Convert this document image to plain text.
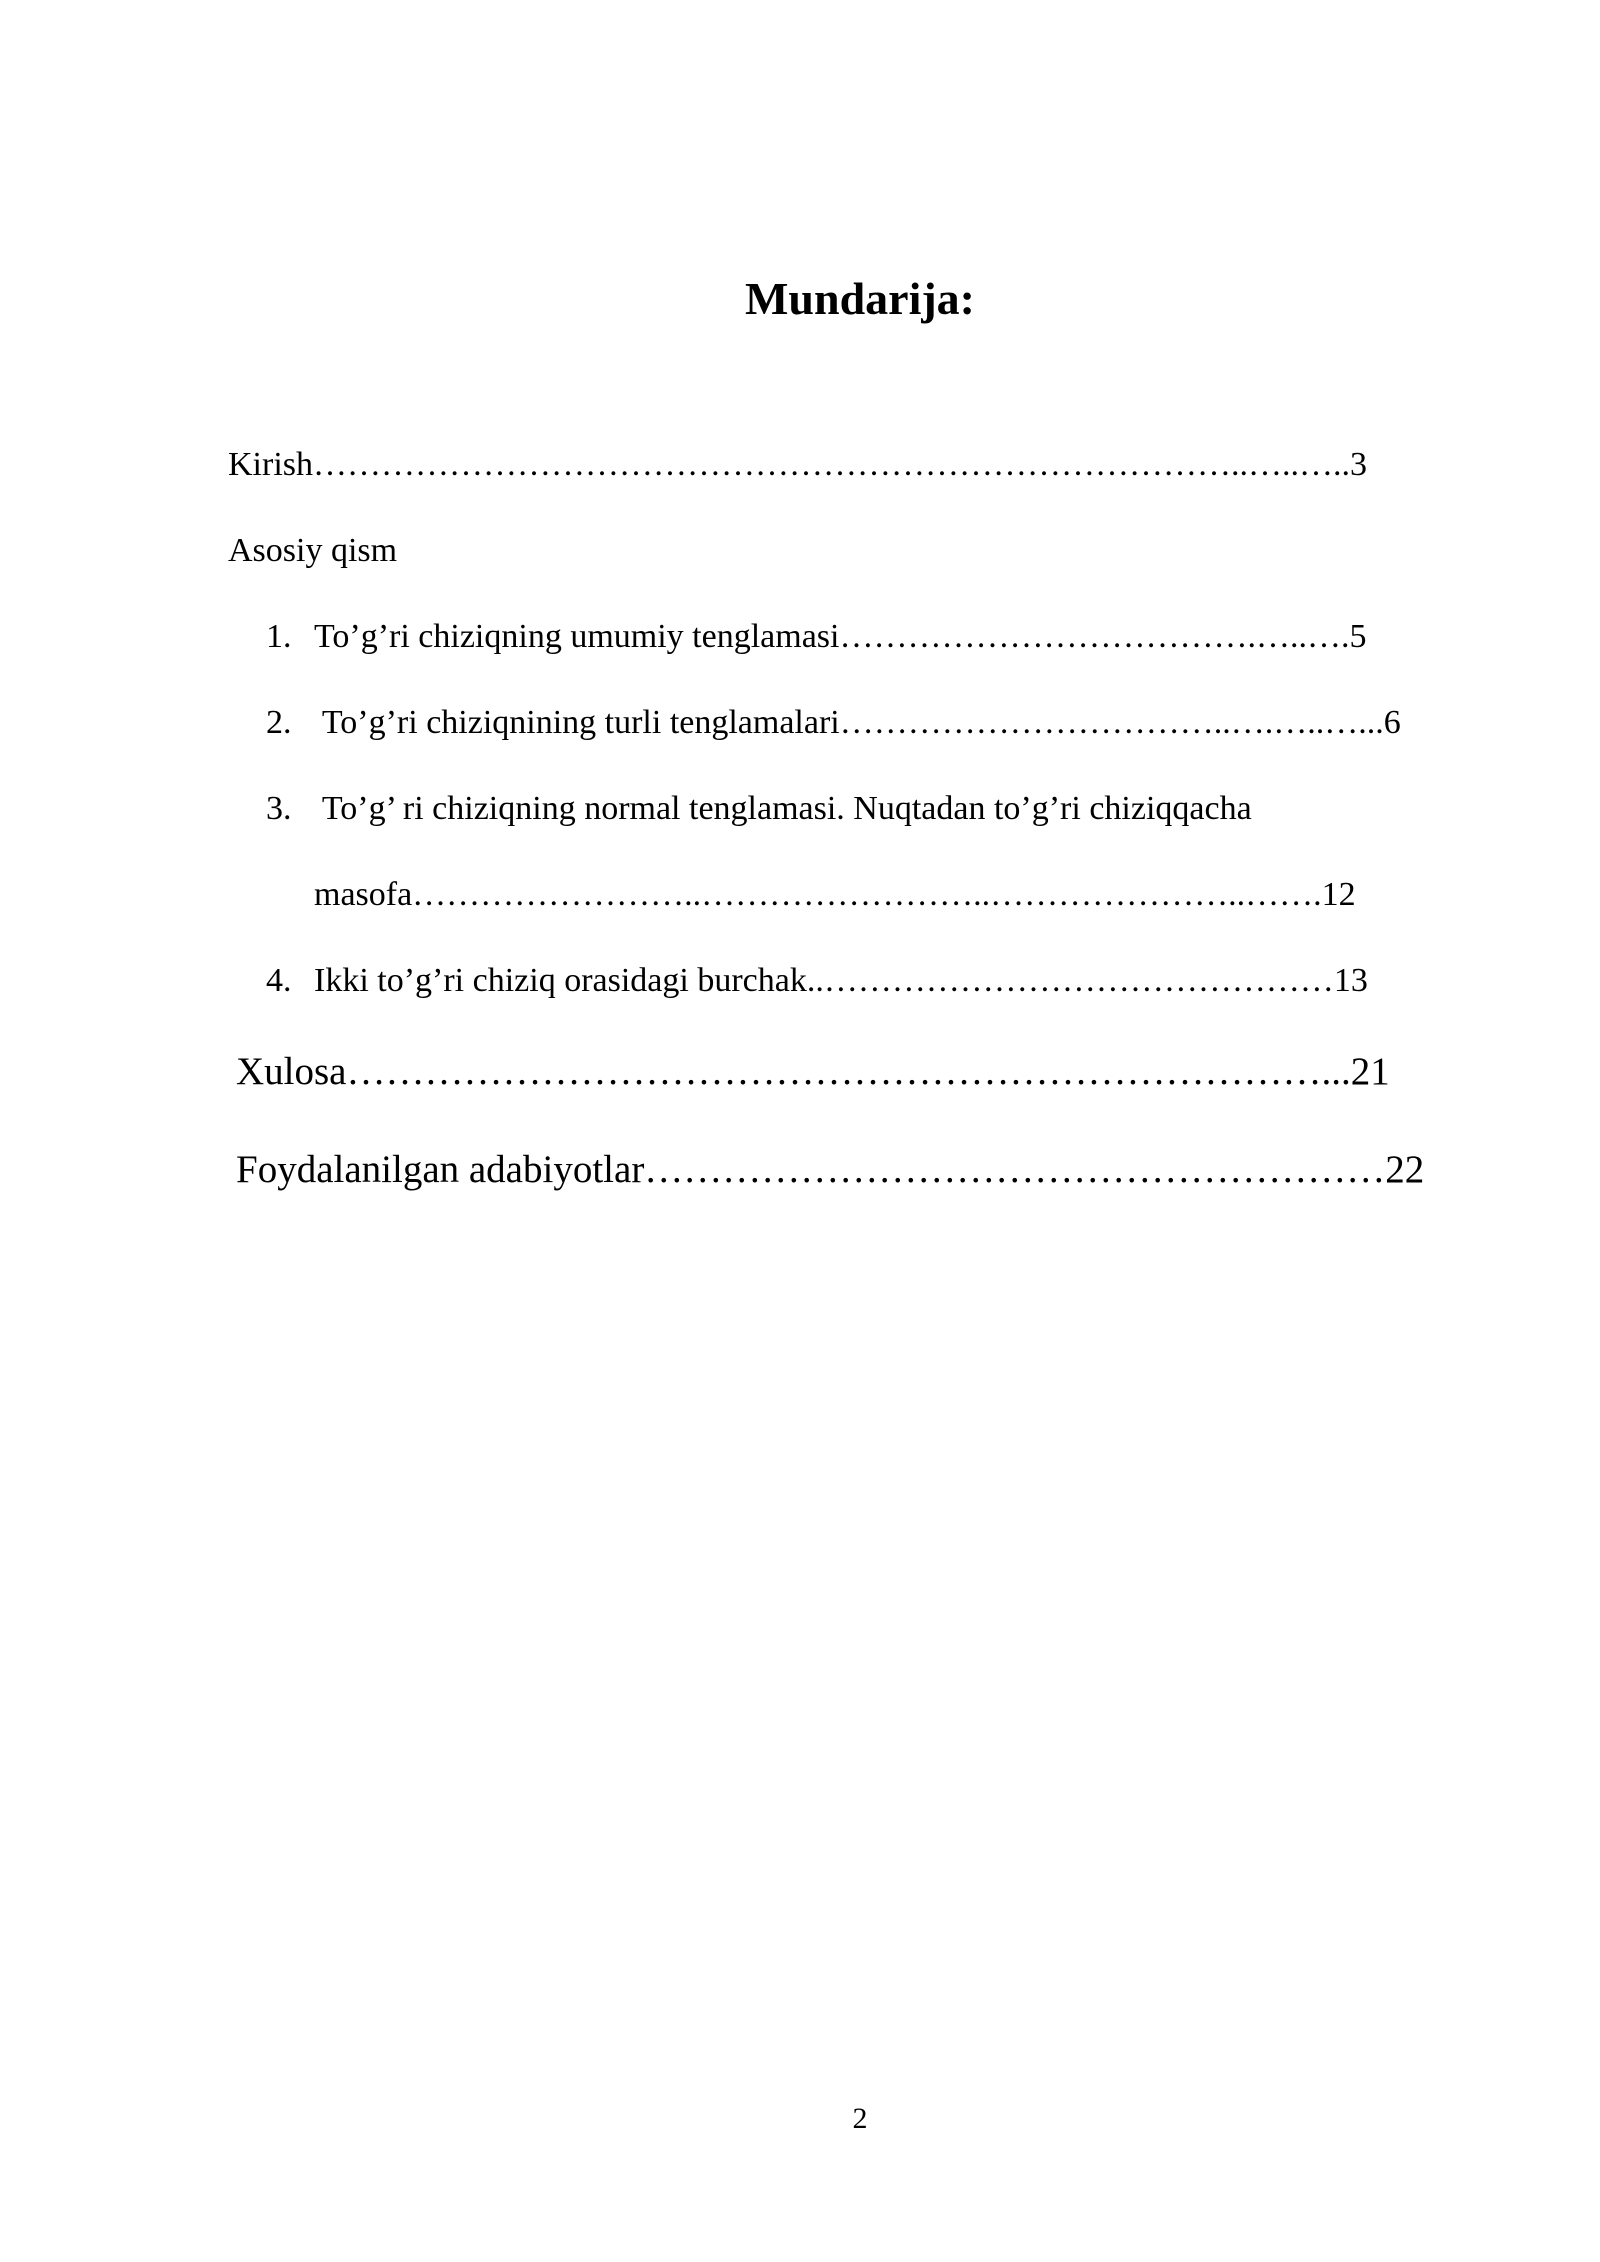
Mundarija:
Kirish………………………………………………………………………..…..…..3
Asosiy qism
1. To’g’ri chiziqning umumiy tenglamasi……………………………….…..….5
2. To’g’ri chiziqnining turli tenglamalari……………………………..….…..…...6
3. To’g’ ri chiziqning normal tenglamasi. Nuqtadan to’g’ri chiziqqacha
masofa……………………..……………………..…………………..…….12
4. Ikki to’g’ri chiziq orasidagi burchak..………………………………………13
Xulosa…………………………………………………………………...21
Foydalanilgan adabiyotlar…………………………………………………22
2
